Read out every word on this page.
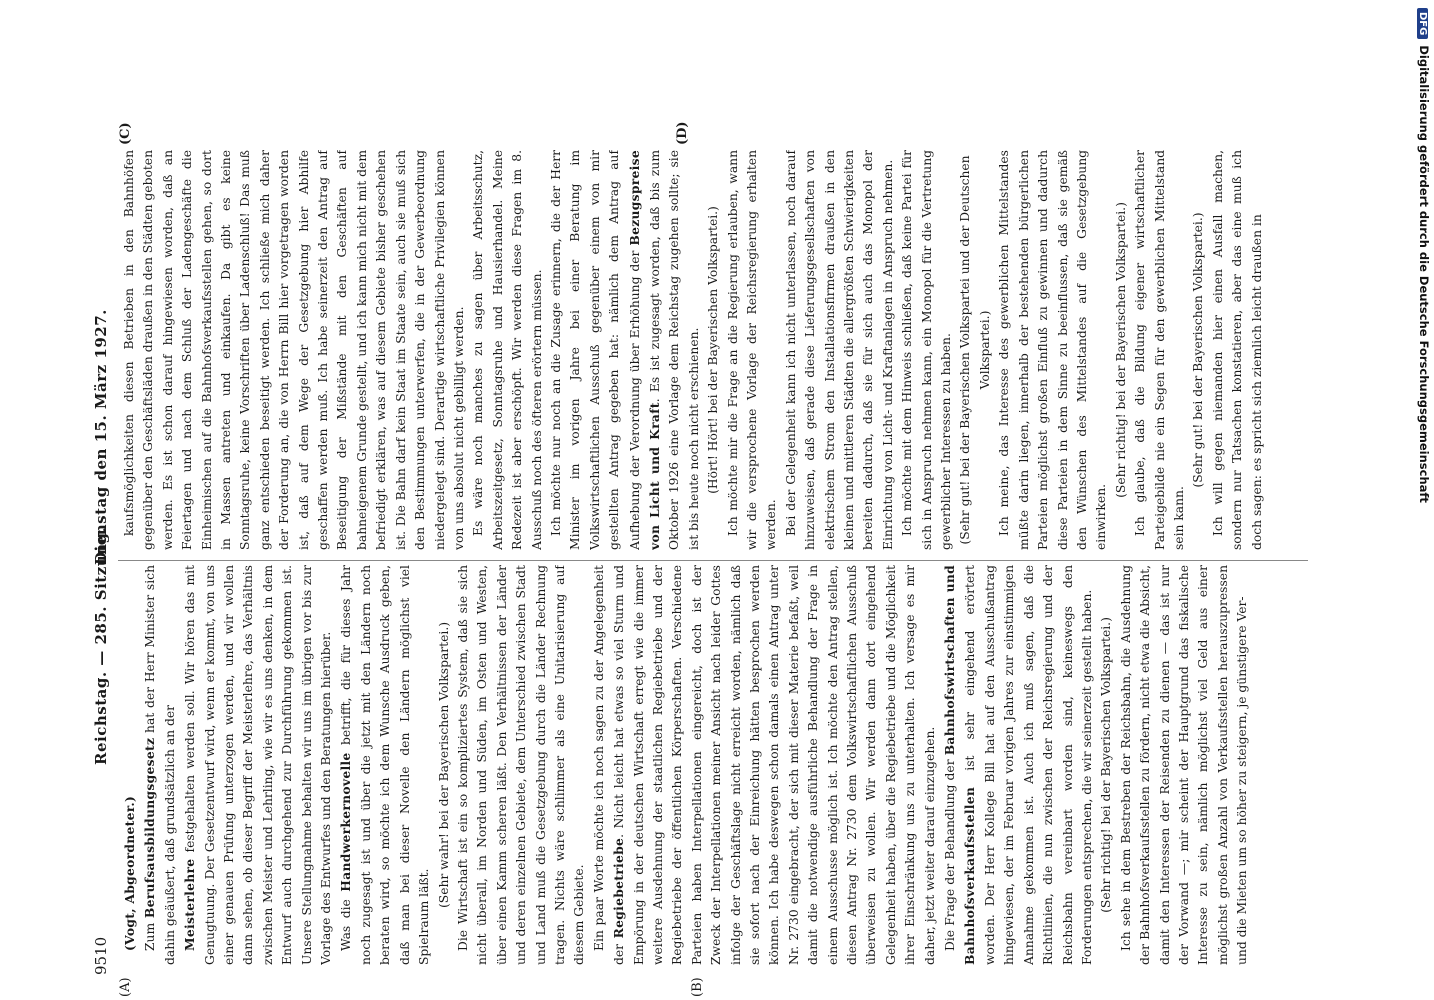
9510
Reichstag. — 285. Sitzung.
Dienstag den 15. März 1927.
(A)	(B)
(C)	(D)

(Vogt, Abgeordneter.) Zum Berufsausbildungsgesetz hat der Herr Minister sich dahin geäußert, daß grundsätzlich an der Meisterlehre festgehalten werden soll. Wir hören das mit Genugtuung. Der Gesetzentwurf wird, wenn er kommt, von uns einer genauen Prüfung unterzogen werden, und wir wollen dann sehen, ob dieser Begriff der Meisterlehre, das Verhältnis zwischen Meister und Lehrling, wie wir es uns denken, in dem Entwurf auch durchgehend zur Durchführung gekommen ist. Unsere Stellungnahme behalten wir uns im übrigen vor bis zur Vorlage des Entwurfes und den Beratungen hierüber. Was die Handwerkernovelle betrifft, die für dieses Jahr noch zugesagt ist und über die jetzt mit den Ländern noch beraten wird, so möchte ich dem Wunsche Ausdruck geben, daß man bei dieser Novelle den Ländern möglichst viel Spielraum läßt.

(Sehr wahr! bei der Bayerischen Volkspartei.) Die Wirtschaft ist ein so kompliziertes System, daß sie sich nicht überall, im Norden und Süden, im Osten und Westen, über einen Kamm scheren läßt. Den Verhältnissen der Länder und deren einzelnen Gebiete, dem Unterschied zwischen Stadt und Land muß die Gesetzgebung durch die Länder Rechnung tragen. Nichts wäre schlimmer als eine Unitarisierung auf diesem Gebiete. Ein paar Worte möchte ich noch sagen zu der Angelegenheit der Regiebetriebe. Nicht leicht hat etwas so viel Sturm und Empörung in der deutschen Wirtschaft erregt wie die immer weitere Ausdehnung der staatlichen Regiebetriebe und der Regiebetriebe der öffentlichen Körperschaften. Verschiedene Parteien haben Interpellationen eingereicht, doch ist der Zweck der Interpellationen meiner Ansicht nach leider Gottes infolge der Geschäftslage nicht erreicht worden, nämlich daß sie sofort nach der Einreichung hätten besprochen werden können. Ich habe deswegen schon damals einen Antrag unter Nr. 2730 eingebracht, der sich mit dieser Materie befaßt, weil damit die notwendige ausführliche Behandlung der Frage in einem Ausschusse möglich ist. Ich möchte den Antrag stellen, diesen Antrag Nr. 2730 dem Volkswirtschaftlichen Ausschuß überweisen zu wollen. Wir werden dann dort eingehend Gelegenheit haben, über die Regiebetriebe und die Möglichkeit ihrer Einschränkung uns zu unterhalten. Ich versage es mir daher, jetzt weiter darauf einzugehen. Die Frage der Behandlung der Bahnhofswirtschaften und Bahnhofsverkaufsstellen ist sehr eingehend erörtert worden. Der Herr Kollege Bill hat auf den Ausschußantrag hingewiesen, der im Februar vorigen Jahres zur einstimmigen Annahme gekommen ist. Auch ich muß sagen, daß die Richtlinien, die nun zwischen der Reichsregierung und der Reichsbahn vereinbart worden sind, keineswegs den Forderungen entsprechen, die wir seinerzeit gestellt haben. (Sehr richtig! bei der Bayerischen Volkspartei.) Ich sehe in dem Bestreben der Reichsbahn, die Ausdehnung der Bahnhofsverkaufsstellen zu fördern, nicht etwa die Absicht, damit den Interessen der Reisenden zu dienen — das ist nur der Vorwand —; mir scheint der Hauptgrund das fiskalische Interesse zu sein, nämlich möglichst viel Geld aus einer möglichst großen Anzahl von Verkaufsstellen herauszupressen und die Mieten um so höher zu steigern, je günstigere Ver-

kaufsmöglichkeiten diesen Betrieben in den Bahnhöfen gegenüber den Geschäftsläden draußen in den Städten geboten werden. Es ist schon darauf hingewiesen worden, daß an Feiertagen und nach dem Schluß der Ladengeschäfte die Einheimischen auf die Bahnhofsverkaufsstellen gehen, so dort in Massen antreten und einkaufen. Da gibt es keine Sonntagsruhe, keine Vorschriften über Ladenschluß! Das muß ganz entschieden beseitigt werden. Ich schließe mich daher der Forderung an, die von Herrn Bill hier vorgetragen worden ist, daß auf dem Wege der Gesetzgebung hier Abhilfe geschaffen werden muß. Ich habe seinerzeit den Antrag auf Beseitigung der Mißstände mit den Geschäften auf bahneigenem Grunde gestellt, und ich kann mich nicht mit dem befriedigt erklären, was auf diesem Gebiete bisher geschehen ist. Die Bahn darf kein Staat im Staate sein, auch sie muß sich den Bestimmungen unterwerfen, die in der Gewerbeordnung niedergelegt sind. Derartige wirtschaftliche Privilegien können von uns absolut nicht gebilligt werden. Es wäre noch manches zu sagen über Arbeitsschutz, Arbeitszeitgesetz, Sonntagsruhe und Hausierhandel. Meine Redezeit ist aber erschöpft. Wir werden diese Fragen im 8. Ausschuß noch des öfteren erörtern müssen. Ich möchte nur noch an die Zusage erinnern, die der Herr Minister im vorigen Jahre bei einer Beratung im Volkswirtschaftlichen Ausschuß gegenüber einem von mir gestellten Antrag gegeben hat: nämlich dem Antrag auf Aufhebung der Verordnung über Erhöhung der Bezugspreise von Licht und Kraft. Es ist zugesagt worden, daß bis zum Oktober 1926 eine Vorlage dem Reichstag zugehen sollte; sie ist bis heute noch nicht erschienen. (Hört! Hört! bei der Bayerischen Volkspartei.) Ich möchte mir die Frage an die Regierung erlauben, wann wir die versprochene Vorlage der Reichsregierung erhalten werden. Bei der Gelegenheit kann ich nicht unterlassen, noch darauf hinzuweisen, daß gerade diese Lieferungsgesellschaften von elektrischem Strom den Installationsfirmen draußen in den kleinen und mittleren Städten die allergrößten Schwierigkeiten bereiten dadurch, daß sie für sich auch das Monopol der Einrichtung von Licht- und Kraftanlagen in Anspruch nehmen. Ich möchte mit dem Hinweis schließen, daß keine Partei für sich in Anspruch nehmen kann, ein Monopol für die Vertretung gewerblicher Interessen zu haben. (Sehr gut! bei der Bayerischen Volkspartei und der Deutschen Volkspartei.) Ich meine, das Interesse des gewerblichen Mittelstandes müßte darin liegen, innerhalb der bestehenden bürgerlichen Parteien möglichst großen Einfluß zu gewinnen und dadurch diese Parteien in dem Sinne zu beeinflussen, daß sie gemäß den Wünschen des Mittelstandes auf die Gesetzgebung einwirken.

(Sehr richtig! bei der Bayerischen Volkspartei.) Ich glaube, daß die Bildung eigener wirtschaftlicher Parteigebilde nie ein Segen für den gewerblichen Mittelstand sein kann.

(Sehr gut! bei der Bayerischen Volkspartei.) Ich will gegen niemanden hier einen Ausfall machen, sondern nur Tatsachen konstatieren, aber das eine muß ich doch sagen: es spricht sich ziemlich leicht draußen in

DFGDigitalisierung gefördert durch die Deutsche Forschungsgemeinschaft
